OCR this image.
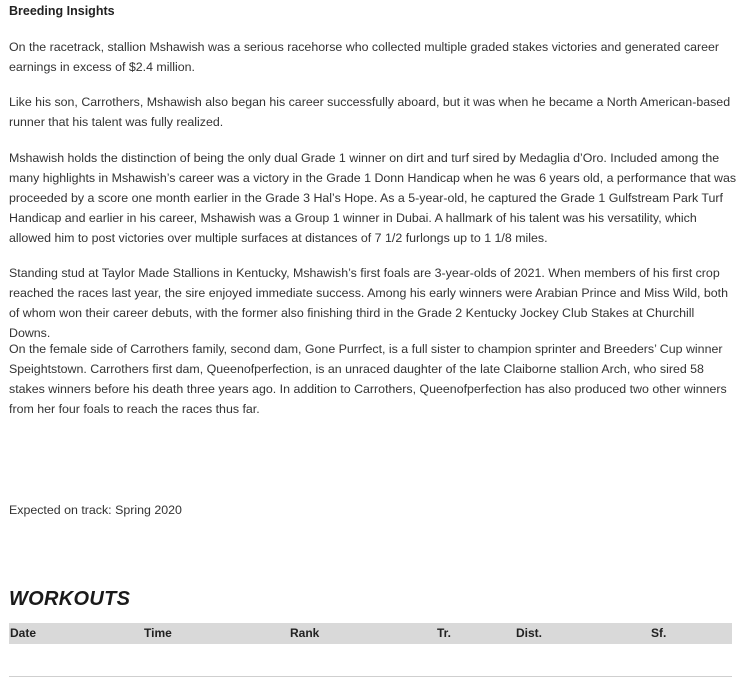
Breeding Insights

On the racetrack, stallion Mshawish was a serious racehorse who collected multiple graded stakes victories and generated career earnings in excess of $2.4 million.

Like his son, Carrothers, Mshawish also began his career successfully aboard, but it was when he became a North American-based runner that his talent was fully realized.

Mshawish holds the distinction of being the only dual Grade 1 winner on dirt and turf sired by Medaglia d’Oro. Included among the many highlights in Mshawish’s career was a victory in the Grade 1 Donn Handicap when he was 6 years old, a performance that was proceeded by a score one month earlier in the Grade 3 Hal’s Hope. As a 5-year-old, he captured the Grade 1 Gulfstream Park Turf Handicap and earlier in his career, Mshawish was a Group 1 winner in Dubai. A hallmark of his talent was his versatility, which allowed him to post victories over multiple surfaces at distances of 7 1/2 furlongs up to 1 1/8 miles.

Standing stud at Taylor Made Stallions in Kentucky, Mshawish’s first foals are 3-year-olds of 2021. When members of his first crop reached the races last year, the sire enjoyed immediate success. Among his early winners were Arabian Prince and Miss Wild, both of whom won their career debuts, with the former also finishing third in the Grade 2 Kentucky Jockey Club Stakes at Churchill Downs.

On the female side of Carrothers family, second dam, Gone Purrfect, is a full sister to champion sprinter and Breeders’ Cup winner Speightstown. Carrothers first dam, Queenofperfection, is an unraced daughter of the late Claiborne stallion Arch, who sired 58 stakes winners before his death three years ago. In addition to Carrothers, Queenofperfection has also produced two other winners from her four foals to reach the races thus far.

Expected on track: Spring 2020
WORKOUTS
Date	Time	Rank	Tr.	Dist.	Sf.
